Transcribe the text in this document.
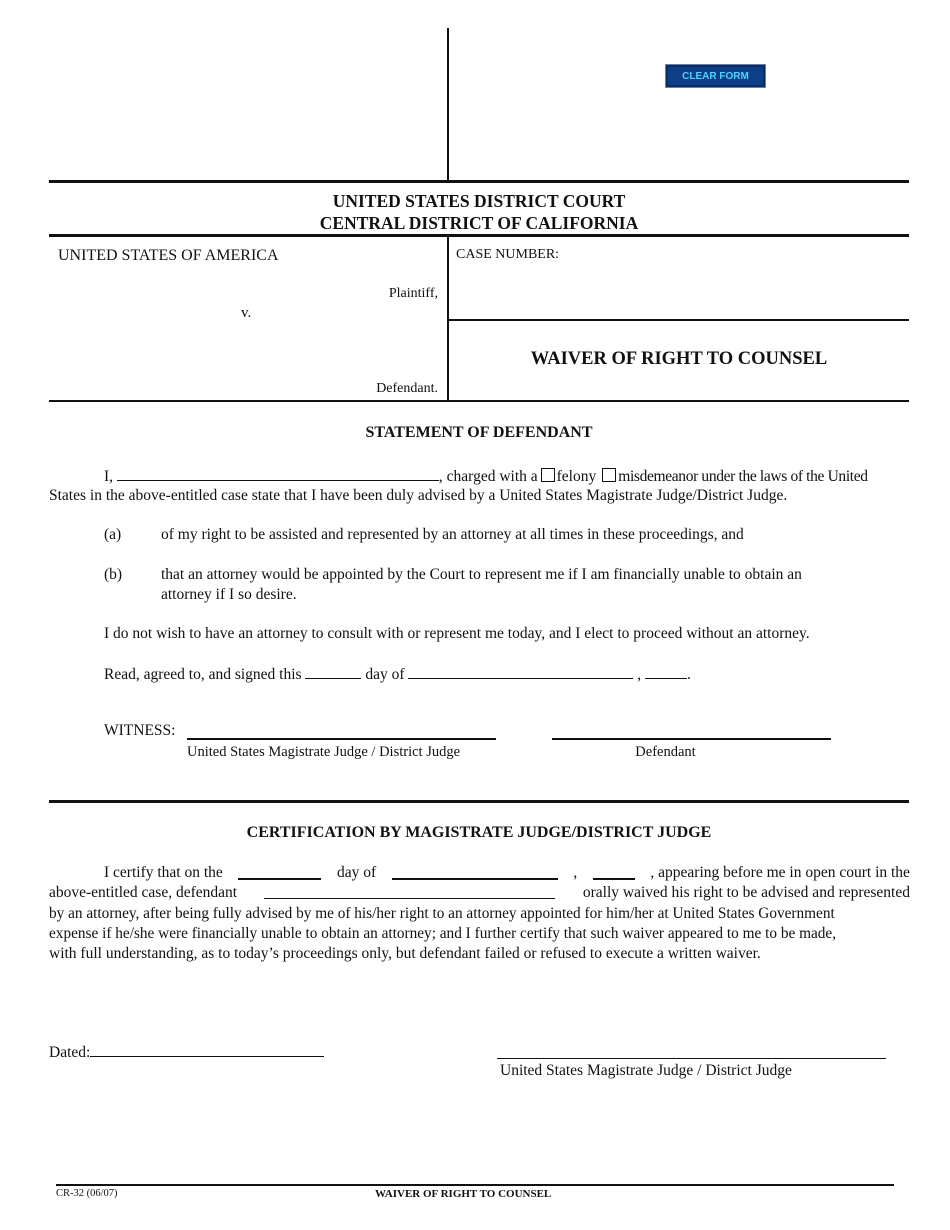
CLEAR FORM
UNITED STATES DISTRICT COURT
CENTRAL DISTRICT OF CALIFORNIA
UNITED STATES OF AMERICA
Plaintiff,
v.
Defendant.
CASE NUMBER:
WAIVER OF RIGHT TO COUNSEL
STATEMENT OF DEFENDANT
I,	, charged with a felony misdemeanor under the laws of the United
States in the above-entitled case state that I have been duly advised by a United States Magistrate Judge/District Judge.
(a)	of my right to be assisted and represented by an attorney at all times in these proceedings, and
(b)	that an attorney would be appointed by the Court to represent me if I am financially unable to obtain an
attorney if I so desire.
I do not wish to have an attorney to consult with or represent me today, and I elect to proceed without an attorney.
Read, agreed to, and signed this	day of	,	.
WITNESS:
United States Magistrate Judge / District Judge	Defendant
CERTIFICATION BY MAGISTRATE JUDGE/DISTRICT JUDGE
I certify that on the	day of	,	, appearing before me in open court in the
above-entitled case, defendant	orally waived his right to be advised and represented
by an attorney, after being fully advised by me of his/her right to an attorney appointed for him/her at United States Government
expense if he/she were financially unable to obtain an attorney; and I further certify that such waiver appeared to me to be made,
with full understanding, as to today’s proceedings only, but defendant failed or refused to execute a written waiver.
Dated:
United States Magistrate Judge / District Judge
CR-32 (06/07)	WAIVER OF RIGHT TO COUNSEL
